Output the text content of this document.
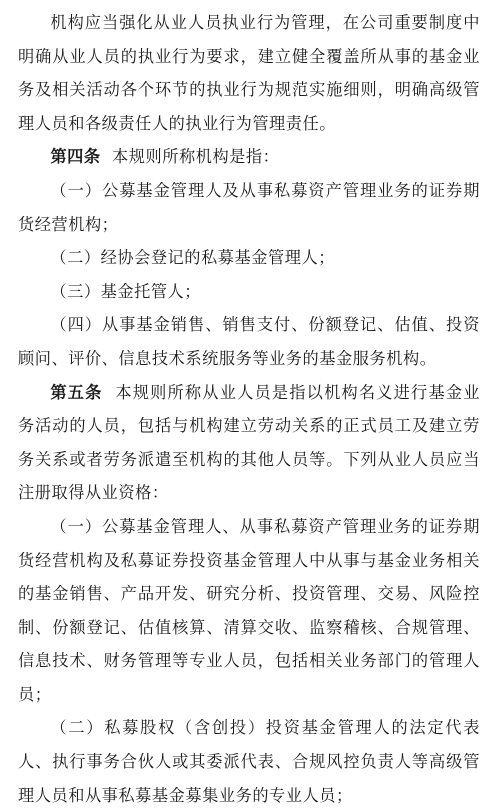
机构应当强化从业人员执业行为管理，在公司重要制度中明确从业人员的执业行为要求，建立健全覆盖所从事的基金业务及相关活动各个环节的执业行为规范实施细则，明确高级管理人员和各级责任人的执业行为管理责任。

第四条 本规则所称机构是指：

（一）公募基金管理人及从事私募资产管理业务的证券期货经营机构；

（二）经协会登记的私募基金管理人；

（三）基金托管人；

（四）从事基金销售、销售支付、份额登记、估值、投资顾问、评价、信息技术系统服务等业务的基金服务机构。

第五条 本规则所称从业人员是指以机构名义进行基金业务活动的人员，包括与机构建立劳动关系的正式员工及建立劳务关系或者劳务派遣至机构的其他人员等。下列从业人员应当注册取得从业资格：

（一）公募基金管理人、从事私募资产管理业务的证券期货经营机构及私募证券投资基金管理人中从事与基金业务相关的基金销售、产品开发、研究分析、投资管理、交易、风险控制、份额登记、估值核算、清算交收、监察稽核、合规管理、信息技术、财务管理等专业人员，包括相关业务部门的管理人员；

（二）私募股权（含创投）投资基金管理人的法定代表人、执行事务合伙人或其委派代表、合规风控负责人等高级管理人员和从事私募基金募集业务的专业人员；
